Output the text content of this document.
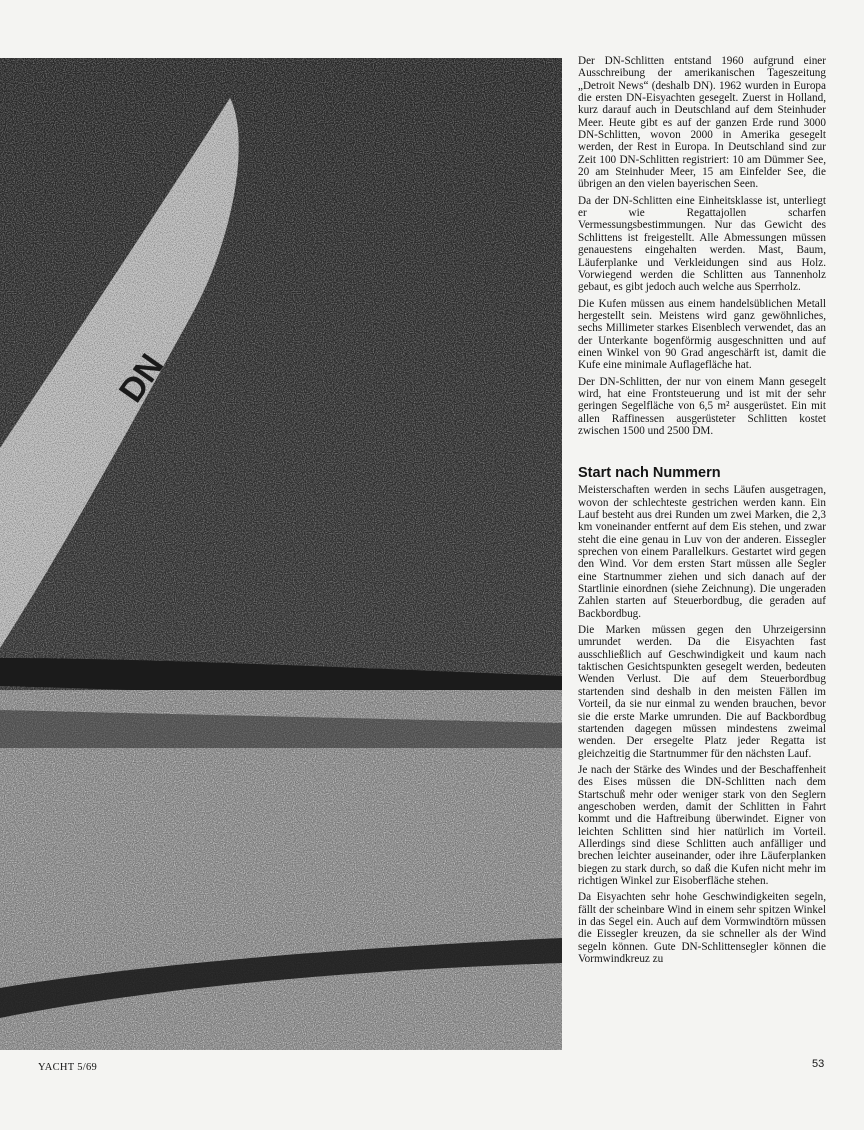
DN

Der DN-Schlitten entstand 1960 aufgrund einer Ausschreibung der amerikanischen Tageszeitung „Detroit News“ (deshalb DN). 1962 wurden in Europa die ersten DN-Eisyachten gesegelt. Zuerst in Holland, kurz darauf auch in Deutschland auf dem Steinhuder Meer. Heute gibt es auf der ganzen Erde rund 3000 DN-Schlitten, wovon 2000 in Amerika gesegelt werden, der Rest in Europa. In Deutschland sind zur Zeit 100 DN-Schlitten registriert: 10 am Dümmer See, 20 am Steinhuder Meer, 15 am Einfelder See, die übrigen an den vielen bayerischen Seen.

Da der DN-Schlitten eine Einheitsklasse ist, unterliegt er wie Regattajollen scharfen Vermessungsbestimmungen. Nur das Gewicht des Schlittens ist freigestellt. Alle Abmessungen müssen genauestens eingehalten werden. Mast, Baum, Läuferplanke und Verkleidungen sind aus Holz. Vorwiegend werden die Schlitten aus Tannenholz gebaut, es gibt jedoch auch welche aus Sperrholz.

Die Kufen müssen aus einem handelsüblichen Metall hergestellt sein. Meistens wird ganz gewöhnliches, sechs Millimeter starkes Eisenblech verwendet, das an der Unterkante bogenförmig ausgeschnitten und auf einen Winkel von 90 Grad angeschärft ist, damit die Kufe eine minimale Auflagefläche hat.

Der DN-Schlitten, der nur von einem Mann gesegelt wird, hat eine Frontsteuerung und ist mit der sehr geringen Segelfläche von 6,5 m² ausgerüstet. Ein mit allen Raffinessen ausgerüsteter Schlitten kostet zwischen 1500 und 2500 DM.

Start nach Nummern

Meisterschaften werden in sechs Läufen ausgetragen, wovon der schlechteste gestrichen werden kann. Ein Lauf besteht aus drei Runden um zwei Marken, die 2,3 km voneinander entfernt auf dem Eis stehen, und zwar steht die eine genau in Luv von der anderen. Eissegler sprechen von einem Parallelkurs. Gestartet wird gegen den Wind. Vor dem ersten Start müssen alle Segler eine Startnummer ziehen und sich danach auf der Startlinie einordnen (siehe Zeichnung). Die ungeraden Zahlen starten auf Steuerbordbug, die geraden auf Backbordbug.

Die Marken müssen gegen den Uhrzeigersinn umrundet werden. Da die Eisyachten fast ausschließlich auf Geschwindigkeit und kaum nach taktischen Gesichtspunkten gesegelt werden, bedeuten Wenden Verlust. Die auf dem Steuerbordbug startenden sind deshalb in den meisten Fällen im Vorteil, da sie nur einmal zu wenden brauchen, bevor sie die erste Marke umrunden. Die auf Backbordbug startenden dagegen müssen mindestens zweimal wenden. Der ersegelte Platz jeder Regatta ist gleichzeitig die Startnummer für den nächsten Lauf.

Je nach der Stärke des Windes und der Beschaffenheit des Eises müssen die DN-Schlitten nach dem Startschuß mehr oder weniger stark von den Seglern angeschoben werden, damit der Schlitten in Fahrt kommt und die Haftreibung überwindet. Eigner von leichten Schlitten sind hier natürlich im Vorteil. Allerdings sind diese Schlitten auch anfälliger und brechen leichter auseinander, oder ihre Läuferplanken biegen zu stark durch, so daß die Kufen nicht mehr im richtigen Winkel zur Eisoberfläche stehen.

Da Eisyachten sehr hohe Geschwindigkeiten segeln, fällt der scheinbare Wind in einem sehr spitzen Winkel in das Segel ein. Auch auf dem Vormwindtörn müssen die Eissegler kreuzen, da sie schneller als der Wind segeln können. Gute DN-Schlittensegler können die Vormwindkreuz zu

YACHT 5/69	53
